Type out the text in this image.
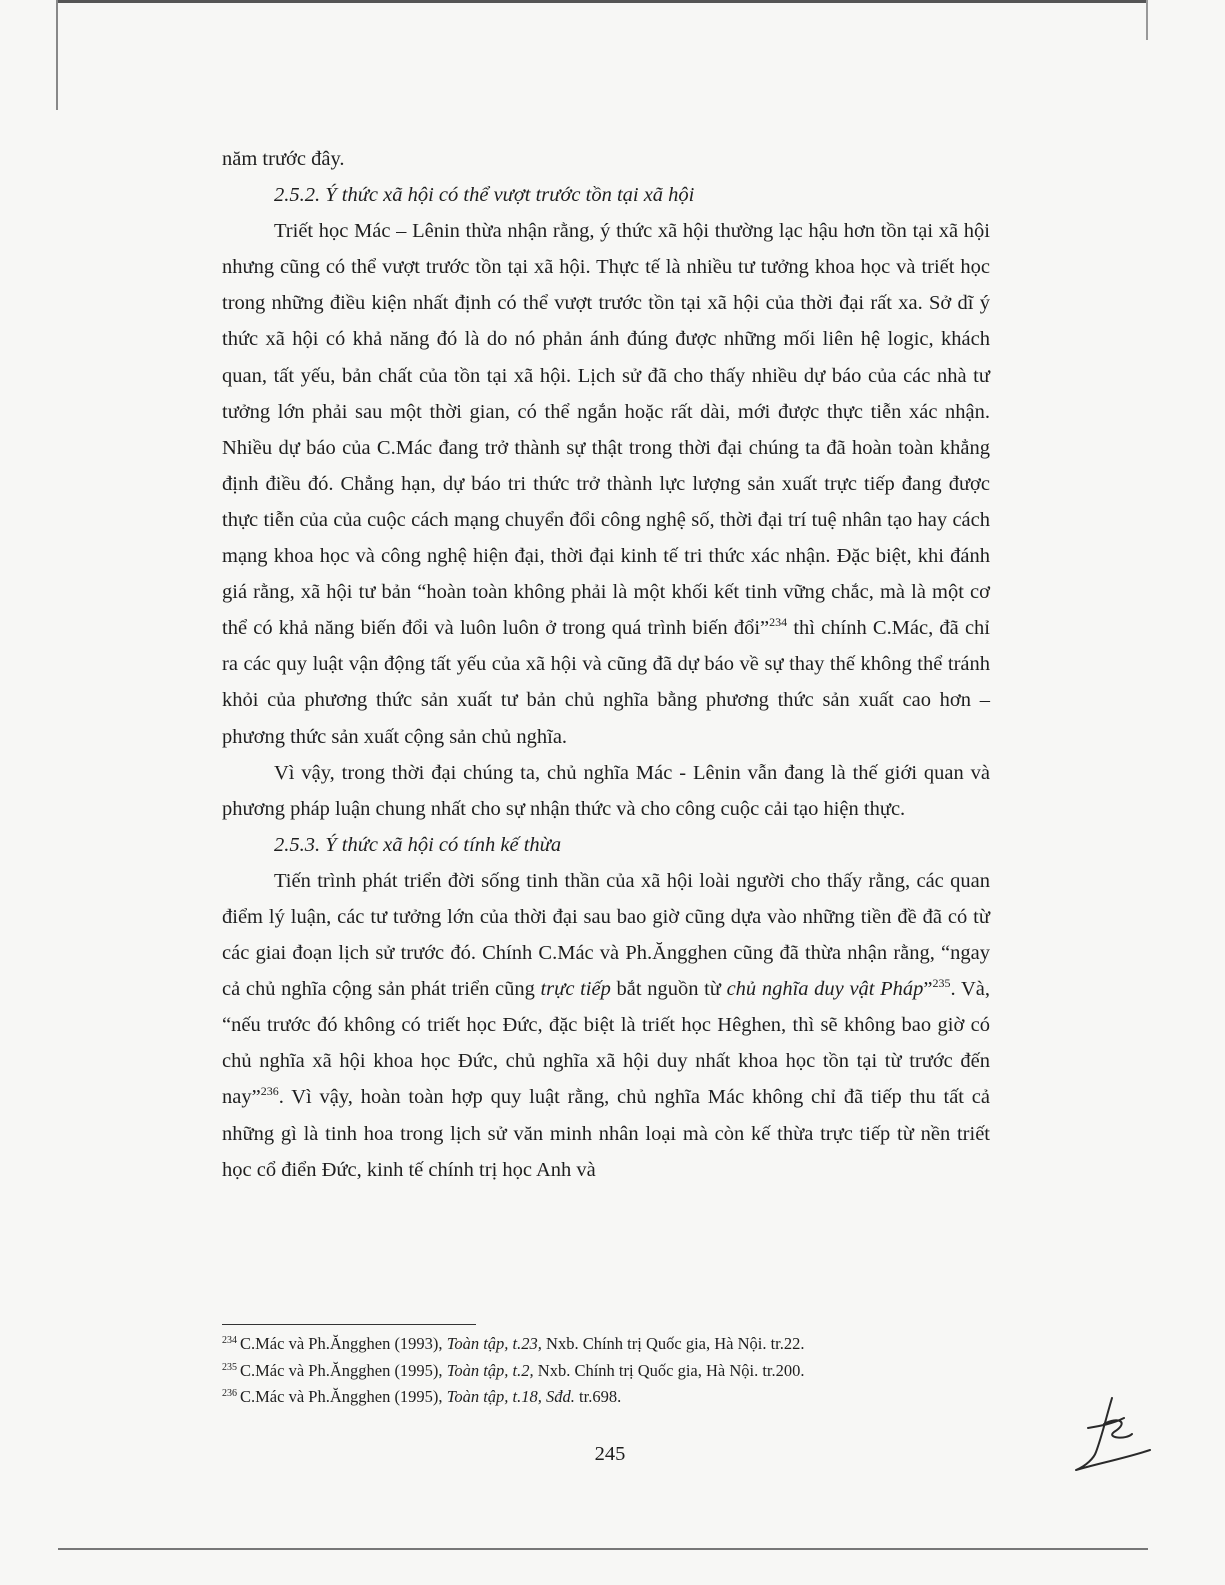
năm trước đây.

2.5.2. Ý thức xã hội có thể vượt trước tồn tại xã hội

Triết học Mác – Lênin thừa nhận rằng, ý thức xã hội thường lạc hậu hơn tồn tại xã hội nhưng cũng có thể vượt trước tồn tại xã hội. Thực tế là nhiều tư tưởng khoa học và triết học trong những điều kiện nhất định có thể vượt trước tồn tại xã hội của thời đại rất xa. Sở dĩ ý thức xã hội có khả năng đó là do nó phản ánh đúng được những mối liên hệ logic, khách quan, tất yếu, bản chất của tồn tại xã hội. Lịch sử đã cho thấy nhiều dự báo của các nhà tư tưởng lớn phải sau một thời gian, có thể ngắn hoặc rất dài, mới được thực tiễn xác nhận. Nhiều dự báo của C.Mác đang trở thành sự thật trong thời đại chúng ta đã hoàn toàn khẳng định điều đó. Chẳng hạn, dự báo tri thức trở thành lực lượng sản xuất trực tiếp đang được thực tiễn của của cuộc cách mạng chuyển đổi công nghệ số, thời đại trí tuệ nhân tạo hay cách mạng khoa học và công nghệ hiện đại, thời đại kinh tế tri thức xác nhận. Đặc biệt, khi đánh giá rằng, xã hội tư bản “hoàn toàn không phải là một khối kết tinh vững chắc, mà là một cơ thể có khả năng biến đổi và luôn luôn ở trong quá trình biến đổi”$^{234}$ thì chính C.Mác, đã chỉ ra các quy luật vận động tất yếu của xã hội và cũng đã dự báo về sự thay thế không thể tránh khỏi của phương thức sản xuất tư bản chủ nghĩa bằng phương thức sản xuất cao hơn – phương thức sản xuất cộng sản chủ nghĩa.

Vì vậy, trong thời đại chúng ta, chủ nghĩa Mác - Lênin vẫn đang là thế giới quan và phương pháp luận chung nhất cho sự nhận thức và cho công cuộc cải tạo hiện thực.

2.5.3. Ý thức xã hội có tính kế thừa

Tiến trình phát triển đời sống tinh thần của xã hội loài người cho thấy rằng, các quan điểm lý luận, các tư tưởng lớn của thời đại sau bao giờ cũng dựa vào những tiền đề đã có từ các giai đoạn lịch sử trước đó. Chính C.Mác và Ph.Ăngghen cũng đã thừa nhận rằng, “ngay cả chủ nghĩa cộng sản phát triển cũng trực tiếp bắt nguồn từ chủ nghĩa duy vật Pháp”$^{235}$. Và, “nếu trước đó không có triết học Đức, đặc biệt là triết học Hêghen, thì sẽ không bao giờ có chủ nghĩa xã hội khoa học Đức, chủ nghĩa xã hội duy nhất khoa học tồn tại từ trước đến nay”$^{236}$. Vì vậy, hoàn toàn hợp quy luật rằng, chủ nghĩa Mác không chỉ đã tiếp thu tất cả những gì là tinh hoa trong lịch sử văn minh nhân loại mà còn kế thừa trực tiếp từ nền triết học cổ điển Đức, kinh tế chính trị học Anh và

$^{234}$ C.Mác và Ph.Ăngghen (1993), Toàn tập, t.23, Nxb. Chính trị Quốc gia, Hà Nội. tr.22.

$^{235}$ C.Mác và Ph.Ăngghen (1995), Toàn tập, t.2, Nxb. Chính trị Quốc gia, Hà Nội. tr.200.

$^{236}$ C.Mác và Ph.Ăngghen (1995), Toàn tập, t.18, Sđd. tr.698.

245
